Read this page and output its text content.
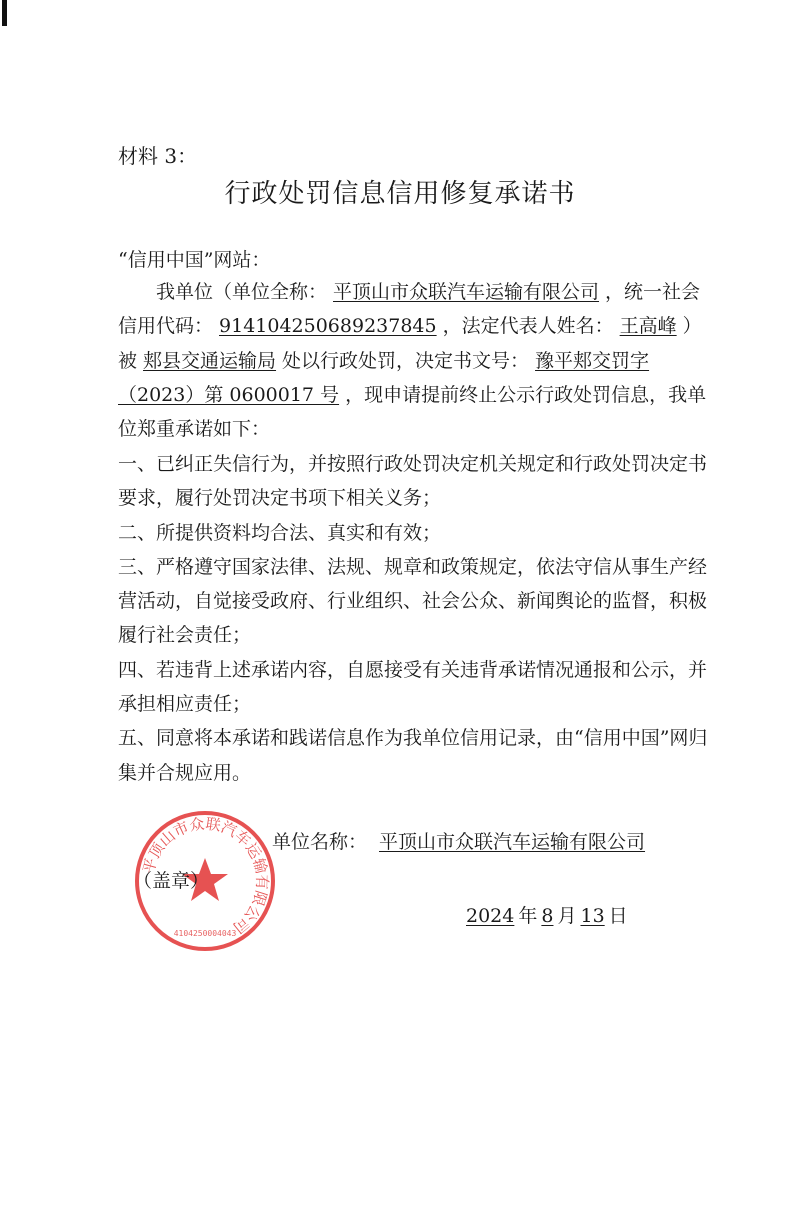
材料 3：
行政处罚信息信用修复承诺书
“信用中国”网站：
我单位（单位全称： 平顶山市众联汽车运输有限公司 ，统一社会信用代码： 91410425068923784​5 ，法定代表人姓名： 王高峰 ）被 郏县交通运输局 处以行政处罚，决定书文号： 豫平郏交罚字（2023）第 0600017 号 ，现申请提前终止公示行政处罚信息，我单位郑重承诺如下：

一、已纠正失信行为，并按照行政处罚决定机关规定和行政处罚决定书要求，履行处罚决定书项下相关义务；

二、所提供资料均合法、真实和有效；

三、严格遵守国家法律、法规、规章和政策规定，依法守信从事生产经营活动，自觉接受政府、行业组织、社会公众、新闻舆论的监督，积极履行社会责任；

四、若违背上述承诺内容，自愿接受有关违背承诺情况通报和公示，并承担相应责任；

五、同意将本承诺和践诺信息作为我单位信用记录，由“信用中国”网归集并合规应用。

平顶山市众联汽车运输有限公司
4104250004043
单位名称： 平顶山市众联汽车运输有限公司
（盖章）
2024 年 8 月 13 日
